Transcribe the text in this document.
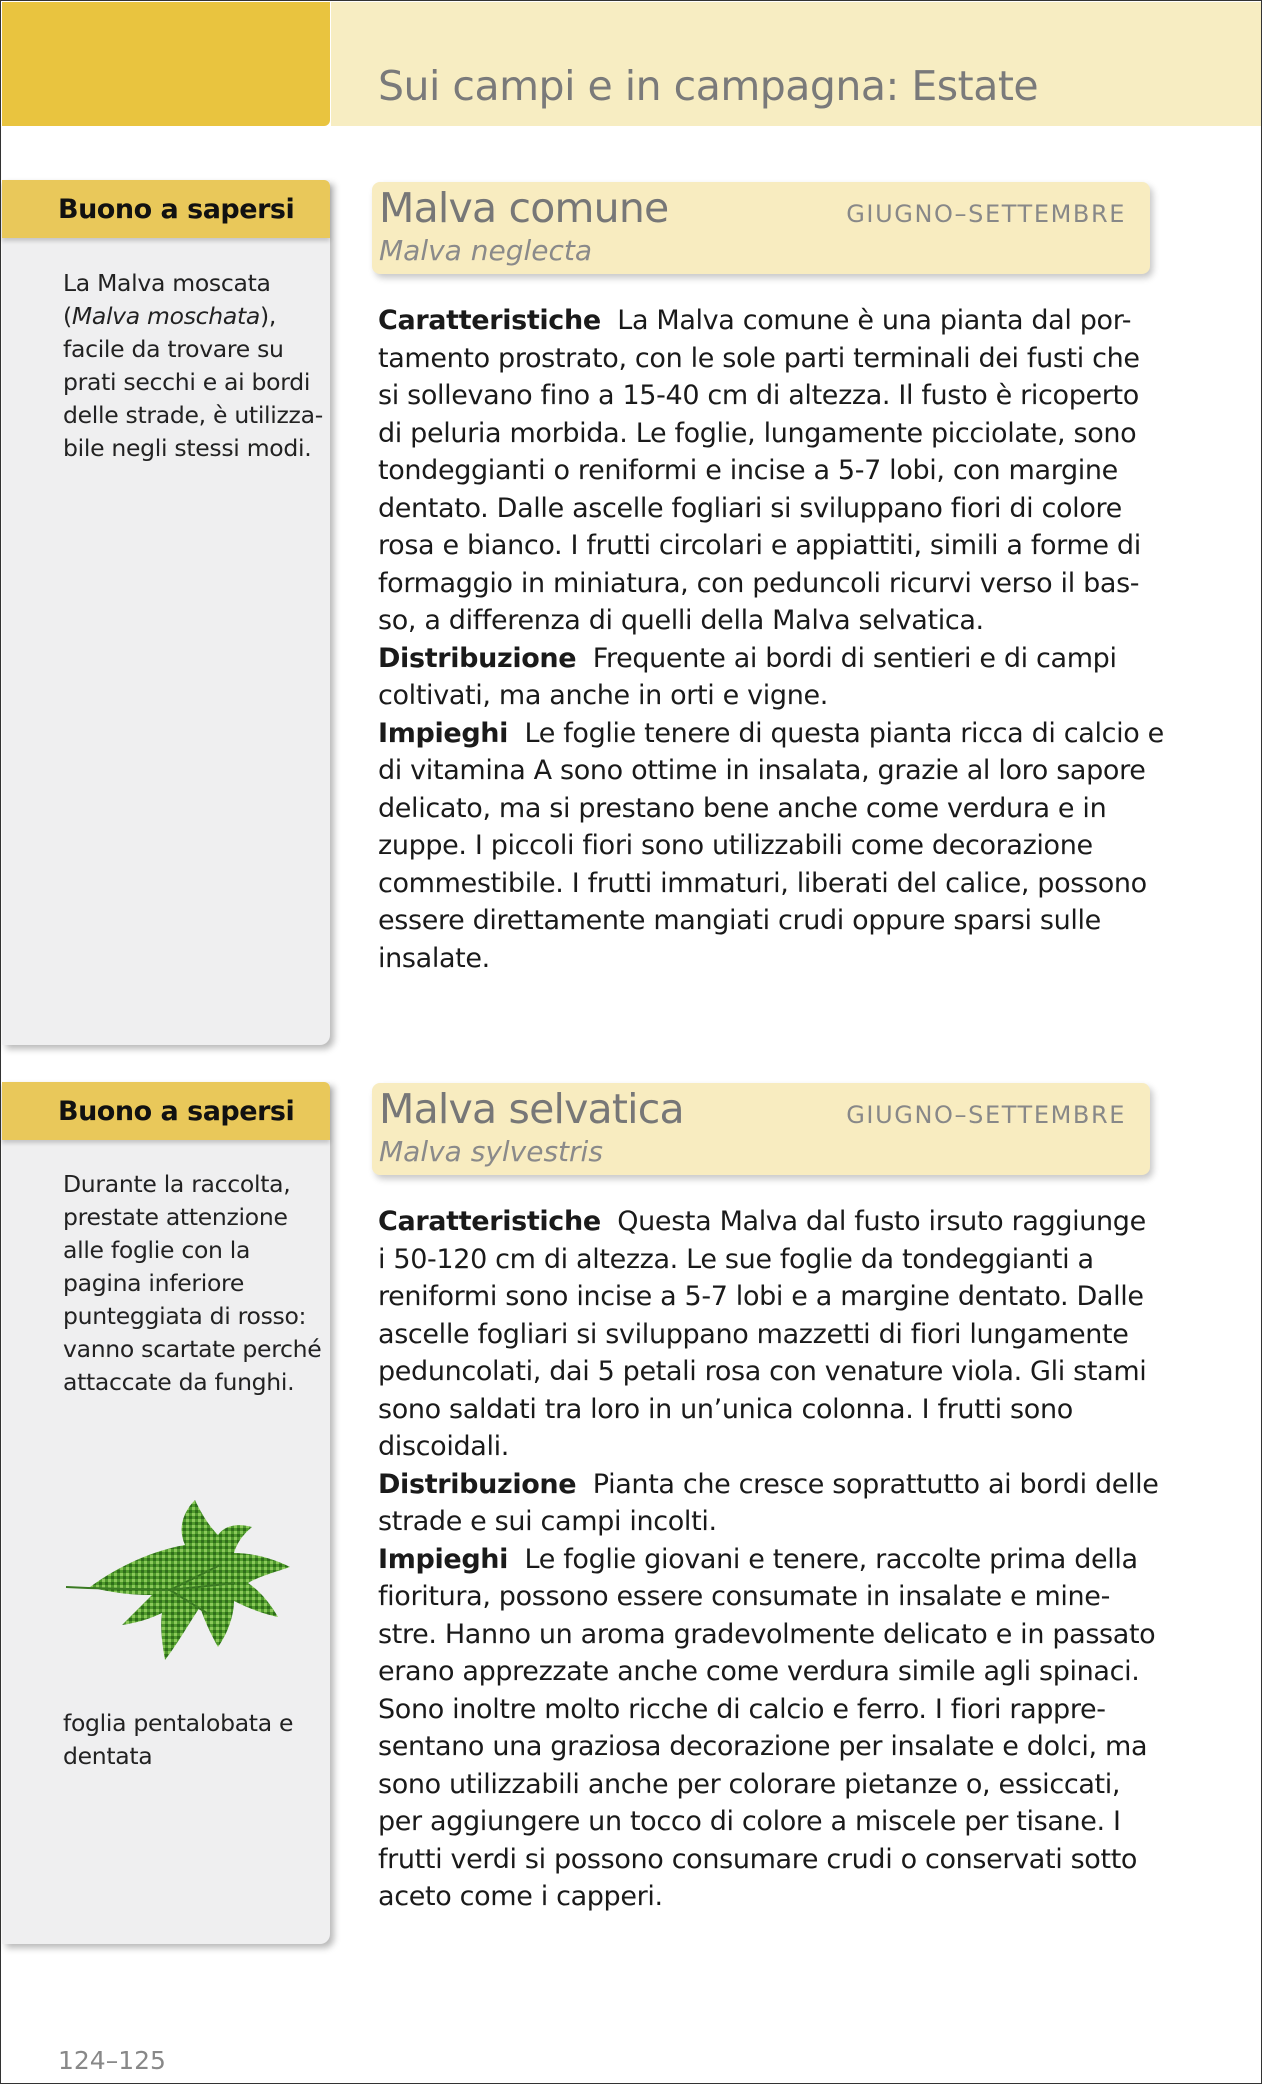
Sui campi e in campagna: Estate
Buono a sapersi
La Malva moscata
(Malva moschata),
facile da trovare su
prati secchi e ai bordi
delle strade, è utilizza-
bile negli stessi modi.
Malva comune
Malva neglecta
GIUGNO–SETTEMBRE
Caratteristiche La Malva comune è una pianta dal por-
tamento prostrato, con le sole parti terminali dei fusti che
si sollevano fino a 15-40 cm di altezza. Il fusto è ricoperto
di peluria morbida. Le foglie, lungamente picciolate, sono
tondeggianti o reniformi e incise a 5-7 lobi, con margine
dentato. Dalle ascelle fogliari si sviluppano fiori di colore
rosa e bianco. I frutti circolari e appiattiti, simili a forme di
formaggio in miniatura, con peduncoli ricurvi verso il bas-
so, a differenza di quelli della Malva selvatica.
Distribuzione Frequente ai bordi di sentieri e di campi
coltivati, ma anche in orti e vigne.
Impieghi Le foglie tenere di questa pianta ricca di calcio e
di vitamina A sono ottime in insalata, grazie al loro sapore
delicato, ma si prestano bene anche come verdura e in
zuppe. I piccoli fiori sono utilizzabili come decorazione
commestibile. I frutti immaturi, liberati del calice, possono
essere direttamente mangiati crudi oppure sparsi sulle
insalate.
Buono a sapersi
Durante la raccolta,
prestate attenzione
alle foglie con la
pagina inferiore
punteggiata di rosso:
vanno scartate perché
attaccate da funghi.
foglia pentalobata e
dentata
Malva selvatica
Malva sylvestris
GIUGNO–SETTEMBRE
Caratteristiche Questa Malva dal fusto irsuto raggiunge
i 50-120 cm di altezza. Le sue foglie da tondeggianti a
reniformi sono incise a 5-7 lobi e a margine dentato. Dalle
ascelle fogliari si sviluppano mazzetti di fiori lungamente
peduncolati, dai 5 petali rosa con venature viola. Gli stami
sono saldati tra loro in un’unica colonna. I frutti sono
discoidali.
Distribuzione Pianta che cresce soprattutto ai bordi delle
strade e sui campi incolti.
Impieghi Le foglie giovani e tenere, raccolte prima della
fioritura, possono essere consumate in insalate e mine-
stre. Hanno un aroma gradevolmente delicato e in passato
erano apprezzate anche come verdura simile agli spinaci.
Sono inoltre molto ricche di calcio e ferro. I fiori rappre-
sentano una graziosa decorazione per insalate e dolci, ma
sono utilizzabili anche per colorare pietanze o, essiccati,
per aggiungere un tocco di colore a miscele per tisane. I
frutti verdi si possono consumare crudi o conservati sotto
aceto come i capperi.
124–125
